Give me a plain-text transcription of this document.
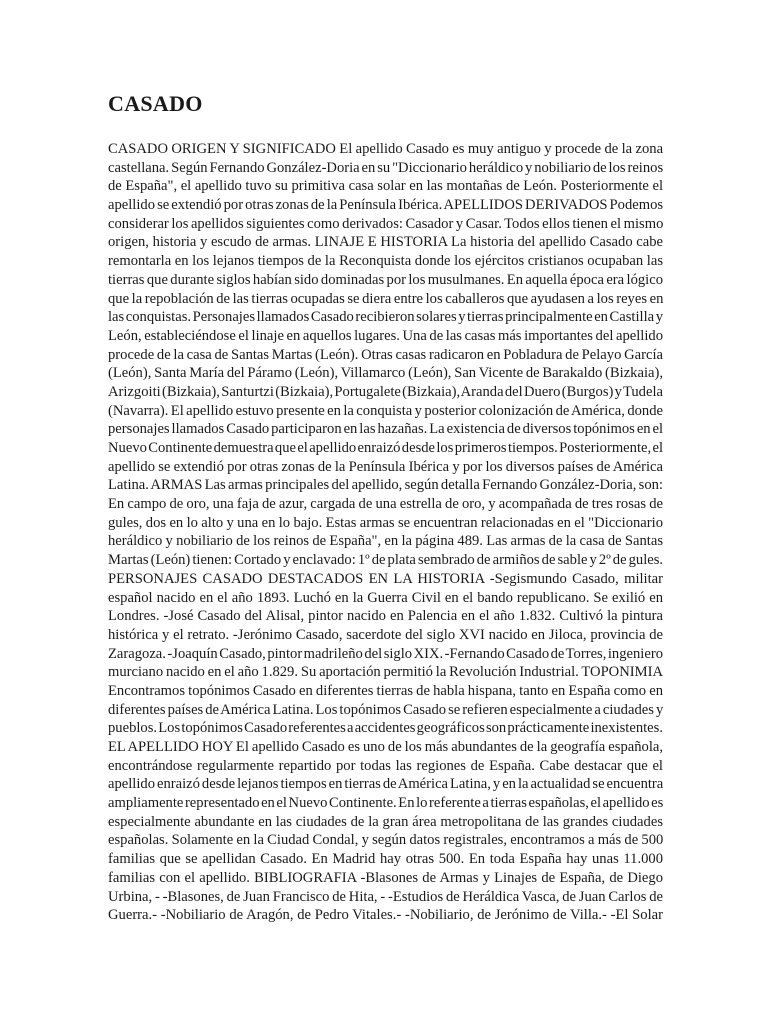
CASADO
CASADO ORIGEN Y SIGNIFICADO El apellido Casado es muy antiguo y procede de la zona
castellana. Según Fernando González-Doria en su "Diccionario heráldico y nobiliario de los reinos
de España", el apellido tuvo su primitiva casa solar en las montañas de León. Posteriormente el
apellido se extendió por otras zonas de la Península Ibérica. APELLIDOS DERIVADOS Podemos
considerar los apellidos siguientes como derivados: Casador y Casar. Todos ellos tienen el mismo
origen, historia y escudo de armas. LINAJE E HISTORIA La historia del apellido Casado cabe
remontarla en los lejanos tiempos de la Reconquista donde los ejércitos cristianos ocupaban las
tierras que durante siglos habían sido dominadas por los musulmanes. En aquella época era lógico
que la repoblación de las tierras ocupadas se diera entre los caballeros que ayudasen a los reyes en
las conquistas. Personajes llamados Casado recibieron solares y tierras principalmente en Castilla y
León, estableciéndose el linaje en aquellos lugares. Una de las casas más importantes del apellido
procede de la casa de Santas Martas (León). Otras casas radicaron en Pobladura de Pelayo García
(León), Santa María del Páramo (León), Villamarco (León), San Vicente de Barakaldo (Bizkaia),
Arizgoiti (Bizkaia), Santurtzi (Bizkaia), Portugalete (Bizkaia), Aranda del Duero (Burgos) y Tudela
(Navarra). El apellido estuvo presente en la conquista y posterior colonización de América, donde
personajes llamados Casado participaron en las hazañas. La existencia de diversos topónimos en el
Nuevo Continente demuestra que el apellido enraizó desde los primeros tiempos. Posteriormente, el
apellido se extendió por otras zonas de la Península Ibérica y por los diversos países de América
Latina. ARMAS Las armas principales del apellido, según detalla Fernando González-Doria, son:
En campo de oro, una faja de azur, cargada de una estrella de oro, y acompañada de tres rosas de
gules, dos en lo alto y una en lo bajo. Estas armas se encuentran relacionadas en el "Diccionario
heráldico y nobiliario de los reinos de España", en la página 489. Las armas de la casa de Santas
Martas (León) tienen: Cortado y enclavado: 1º de plata sembrado de armiños de sable y 2º de gules.
PERSONAJES CASADO DESTACADOS EN LA HISTORIA -Segismundo Casado, militar
español nacido en el año 1893. Luchó en la Guerra Civil en el bando republicano. Se exilió en
Londres. -José Casado del Alisal, pintor nacido en Palencia en el año 1.832. Cultivó la pintura
histórica y el retrato. -Jerónimo Casado, sacerdote del siglo XVI nacido en Jiloca, provincia de
Zaragoza. -Joaquín Casado, pintor madrileño del siglo XIX. -Fernando Casado de Torres, ingeniero
murciano nacido en el año 1.829. Su aportación permitió la Revolución Industrial. TOPONIMIA
Encontramos topónimos Casado en diferentes tierras de habla hispana, tanto en España como en
diferentes países de América Latina. Los topónimos Casado se refieren especialmente a ciudades y
pueblos. Los topónimos Casado referentes a accidentes geográficos son prácticamente inexistentes.
EL APELLIDO HOY El apellido Casado es uno de los más abundantes de la geografía española,
encontrándose regularmente repartido por todas las regiones de España. Cabe destacar que el
apellido enraizó desde lejanos tiempos en tierras de América Latina, y en la actualidad se encuentra
ampliamente representado en el Nuevo Continente. En lo referente a tierras españolas, el apellido es
especialmente abundante en las ciudades de la gran área metropolitana de las grandes ciudades
españolas. Solamente en la Ciudad Condal, y según datos registrales, encontramos a más de 500
familias que se apellidan Casado. En Madrid hay otras 500. En toda España hay unas 11.000
familias con el apellido. BIBLIOGRAFIA -Blasones de Armas y Linajes de España, de Diego
Urbina, - -Blasones, de Juan Francisco de Hita, - -Estudios de Heráldica Vasca, de Juan Carlos de
Guerra.- -Nobiliario de Aragón, de Pedro Vitales.- -Nobiliario, de Jerónimo de Villa.- -El Solar
